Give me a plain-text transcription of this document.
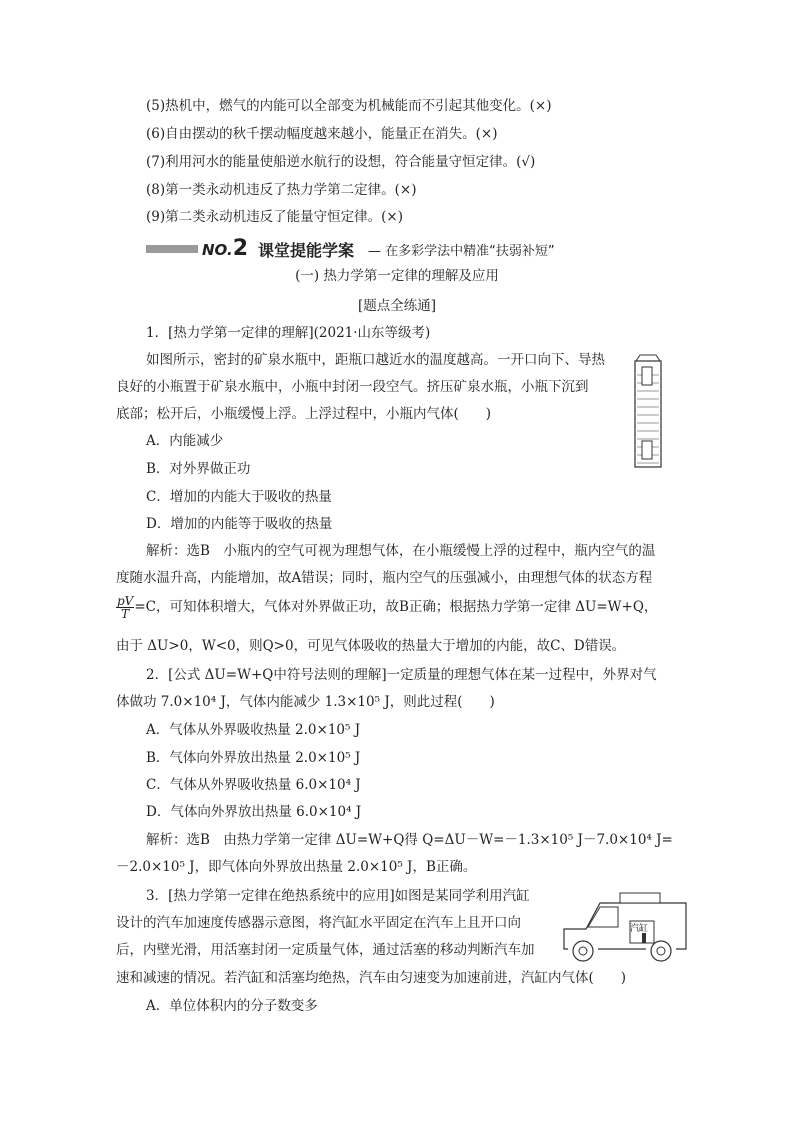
(5)热机中，燃气的内能可以全部变为机械能而不引起其他变化。(×)
(6)自由摆动的秋千摆动幅度越来越小，能量正在消失。(×)
(7)利用河水的能量使船逆水航行的设想，符合能量守恒定律。(√)
(8)第一类永动机违反了热力学第二定律。(×)
(9)第二类永动机违反了能量守恒定律。(×)
NO.2 课堂提能学案 — 在多彩学法中精准“扶弱补短”
(一) 热力学第一定律的理解及应用
[题点全练通]
1．[热力学第一定律的理解](2021·山东等级考)
如图所示，密封的矿泉水瓶中，距瓶口越近水的温度越高。一开口向下、导热
良好的小瓶置于矿泉水瓶中，小瓶中封闭一段空气。挤压矿泉水瓶，小瓶下沉到
底部；松开后，小瓶缓慢上浮。上浮过程中，小瓶内气体(　　)
A．内能减少
B．对外界做正功
C．增加的内能大于吸收的热量
D．增加的内能等于吸收的热量
解析：选B　小瓶内的空气可视为理想气体，在小瓶缓慢上浮的过程中，瓶内空气的温
度随水温升高，内能增加，故A错误；同时，瓶内空气的压强减小，由理想气体的状态方程
$\frac{pV}{T} =C$，可知体积增大，气体对外界做正功，故B正确；根据热力学第一定律 ΔU=W+Q，
由于 ΔU>0，W<0，则Q>0，可见气体吸收的热量大于增加的内能，故C、D错误。
2．[公式 ΔU=W+Q中符号法则的理解]一定质量的理想气体在某一过程中，外界对气
体做功 7.0×10⁴ J，气体内能减少 1.3×10⁵ J，则此过程(　　)
A．气体从外界吸收热量 2.0×10⁵ J
B．气体向外界放出热量 2.0×10⁵ J
C．气体从外界吸收热量 6.0×10⁴ J
D．气体向外界放出热量 6.0×10⁴ J
解析：选B　由热力学第一定律 ΔU=W+Q得 Q=ΔU－W=－1.3×10⁵ J－7.0×10⁴ J=
－2.0×10⁵ J，即气体向外界放出热量 2.0×10⁵ J，B正确。
3．[热力学第一定律在绝热系统中的应用]如图是某同学利用汽缸
设计的汽车加速度传感器示意图，将汽缸水平固定在汽车上且开口向
后，内壁光滑，用活塞封闭一定质量气体，通过活塞的移动判断汽车加
速和减速的情况。若汽缸和活塞均绝热，汽车由匀速变为加速前进，汽缸内气体(　　)
汽缸
A．单位体积内的分子数变多
